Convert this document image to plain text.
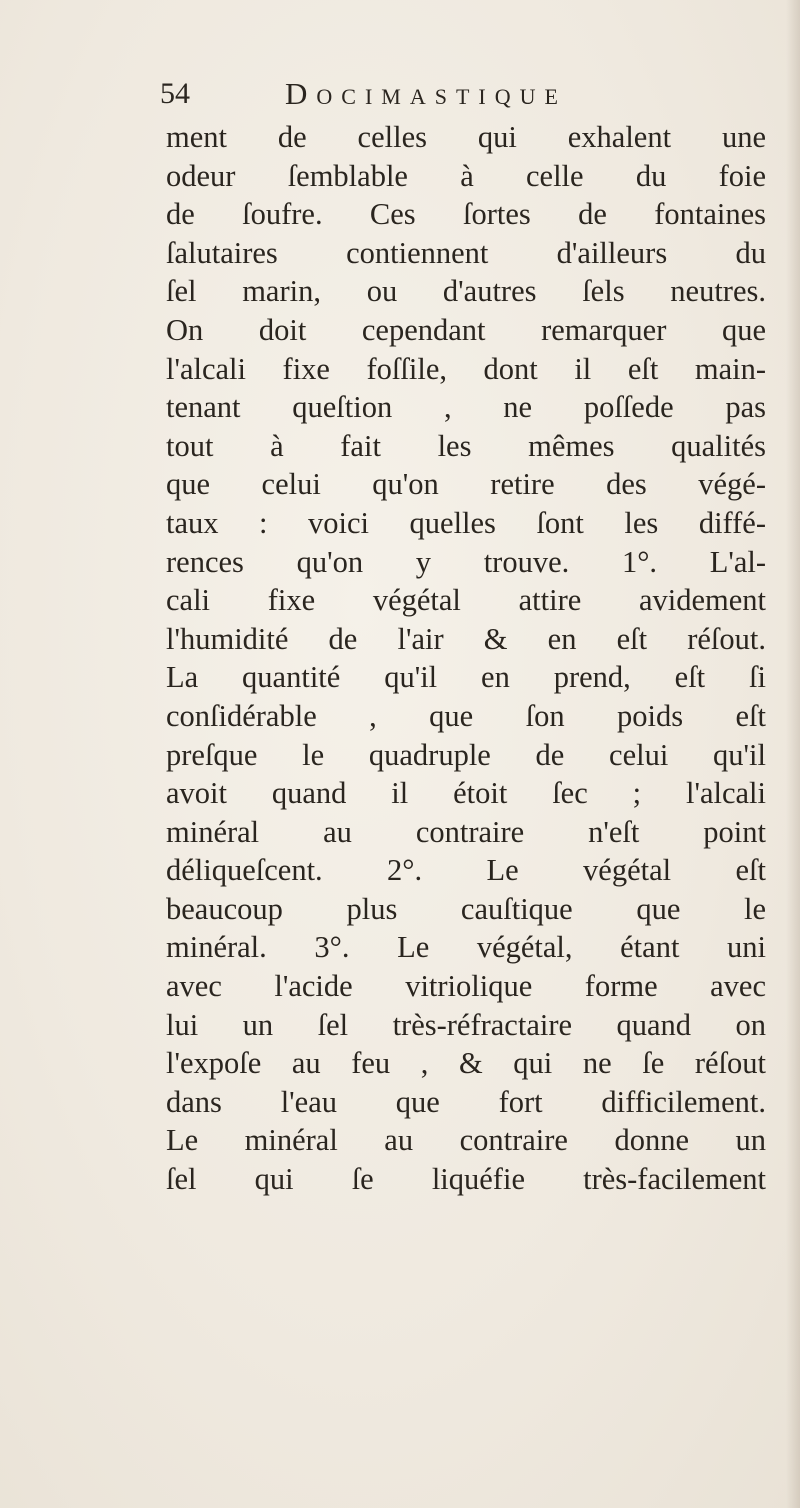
54	Docimastique
ment de celles qui exhalent une
odeur ſemblable à celle du foie
de ſoufre. Ces ſortes de fontaines
ſalutaires contiennent d'ailleurs du
ſel marin, ou d'autres ſels neutres.
On doit cependant remarquer que
l'alcali fixe foſſile, dont il eſt main-
tenant queſtion , ne poſſede pas
tout à fait les mêmes qualités
que celui qu'on retire des végé-
taux : voici quelles ſont les diffé-
rences qu'on y trouve. 1°. L'al-
cali fixe végétal attire avidement
l'humidité de l'air & en eſt réſout.
La quantité qu'il en prend, eſt ſi
conſidérable , que ſon poids eſt
preſque le quadruple de celui qu'il
avoit quand il étoit ſec ; l'alcali
minéral au contraire n'eſt point
déliqueſcent. 2°. Le végétal eſt
beaucoup plus cauſtique que le
minéral. 3°. Le végétal, étant uni
avec l'acide vitriolique forme avec
lui un ſel très-réfractaire quand on
l'expoſe au feu , & qui ne ſe réſout
dans l'eau que fort difficilement.
Le minéral au contraire donne un
ſel qui ſe liquéfie très-facilement
